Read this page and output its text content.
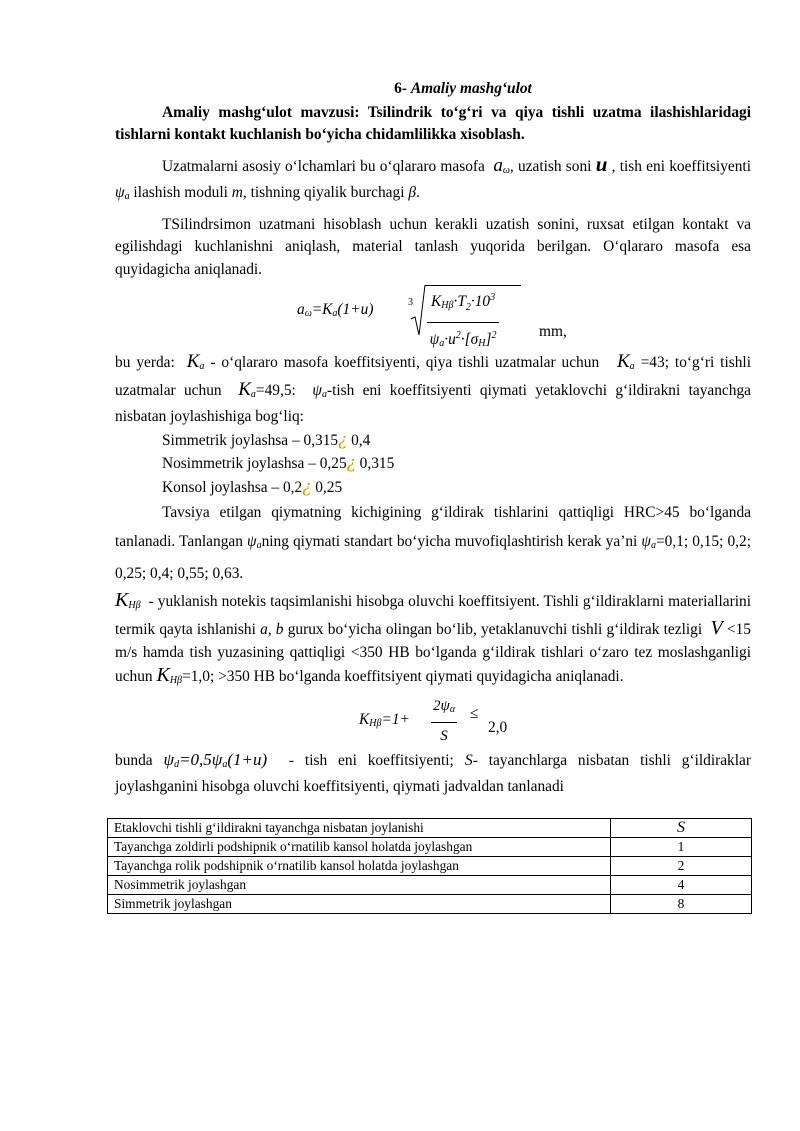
6- Amaliy mashg‘ulot

Amaliy mashg‘ulot mavzusi: Tsilindrik to‘g‘ri va qiya tishli uzatma ilashishlaridagi tishlarni kontakt kuchlanish bo‘yicha chidamlilikka xisoblash.

Uzatmalarni asosiy o‘lchamlari bu o‘qlararo masofa $a_\omega$, uzatish soni u , tish eni koeffitsiyenti $\psi_a$ ilashish moduli m, tishning qiyalik burchagi β.

TSilindrsimon uzatmani hisoblash uchun kerakli uzatish sonini, ruxsat etilgan kontakt va egilishdagi kuchlanishni aniqlash, material tanlash yuqorida berilgan. O‘qlararo masofa esa quyidagicha aniqlanadi.

$a_\omega=K_a(1+u)$	$3 \frac{K_{H\beta}\cdot T_2\cdot 10^3}{\psi_a\cdot u^2\cdot[\sigma_H]^2}$	mm,

bu yerda: $K_a$ - o‘qlararo masofa koeffitsiyenti, qiya tishli uzatmalar uchun $K_a =43$; to‘g‘ri tishli uzatmalar uchun $K_a=49,5$: $\psi_a$-tish eni koeffitsiyenti qiymati yetaklovchi g‘ildirakni tayanchga nisbatan joylashishiga bog‘liq:

Simmetrik joylashsa – 0,315¿ 0,4
Nosimmetrik joylashsa – 0,25¿ 0,315
Konsol joylashsa – 0,2¿ 0,25

Tavsiya etilgan qiymatning kichigining g‘ildirak tishlarini qattiqligi HRC>45 bo‘lganda tanlanadi. Tanlangan $\psi_aning$ qiymati standart bo‘yicha muvofiqlashtirish kerak ya’ni $\psi_a=0,1$; 0,15; 0,2; 0,25; 0,4; 0,55; 0,63.

$K_{H\beta}$ - yuklanish notekis taqsimlanishi hisobga oluvchi koeffitsiyent. Tishli g‘ildiraklarni materiallarini termik qayta ishlanishi a, b gurux bo‘yicha olingan bo‘lib, yetaklanuvchi tishli g‘ildirak tezligi V <15 m/s hamda tish yuzasining qattiqligi <350 HB bo‘lganda g‘ildirak tishlari o‘zaro tez moslashganligi uchun $K_{H\beta}=1,0$; >350 HB bo‘lganda koeffitsiyent qiymati quyidagicha aniqlanadi.

$K_{H\beta}=1+ \frac{2\psi_\alpha}{S}$ ≤
2,0

bunda $\psi_d=0,5\psi_a(1+u)$ - tish eni koeffitsiyenti; S- tayanchlarga nisbatan tishli g‘ildiraklar joylashganini hisobga oluvchi koeffitsiyenti, qiymati jadvaldan tanlanadi

Etaklovchi tishli g‘ildirakni tayanchga nisbatan joylanishi	S
Tayanchga zoldirli podshipnik o‘rnatilib kansol holatda joylashgan	1
Tayanchga rolik podshipnik o‘rnatilib kansol holatda joylashgan	2
Nosimmetrik joylashgan	4
Simmetrik joylashgan	8
